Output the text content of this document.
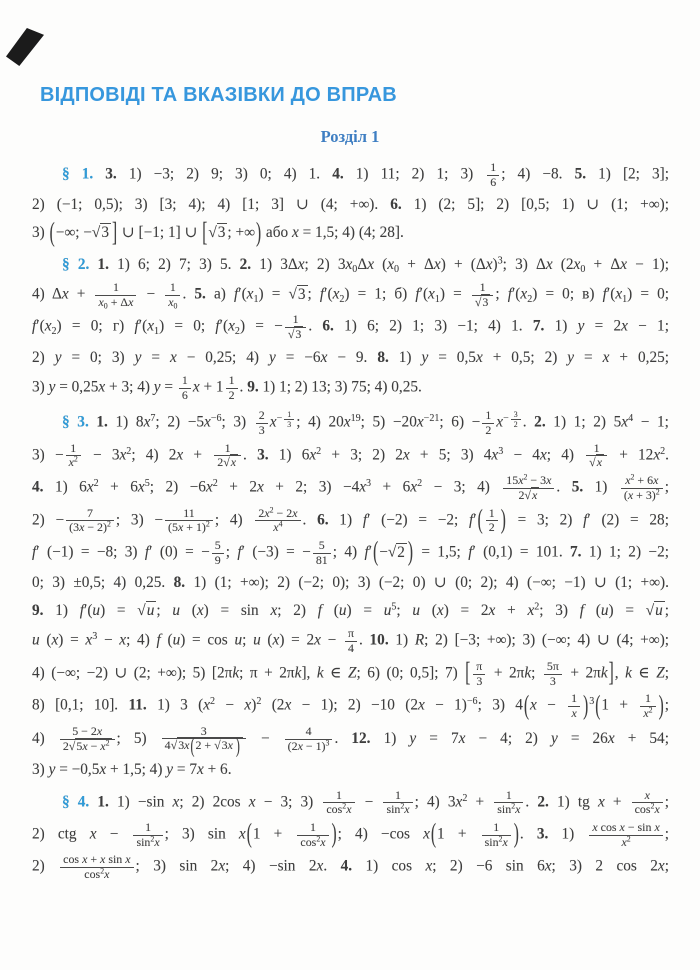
ВІДПОВІДІ ТА ВКАЗІВКИ ДО ВПРАВ
Розділ 1
§ 1. 3. 1) −3; 2) 9; 3) 0; 4) 1. 4. 1) 11; 2) 1; $3) \frac{1}{6}$ ; 4) −8. 5. 1) [2; 3];
2) (−1; 0,5); 3) [3; 4); 4) [1; 3] ∪ (4; +∞). 6. 1) (2; 5]; 2) [0,5; 1) ∪ (1; +∞);
3) (−∞; −√3 ] ∪ [−1; 1] ∪ [√3 ; +∞) або x = 1,5; 4) (4; 28].
§ 2. 1. 1) 6; 2) 7; 3) 5. 2. 1) 3Δx; 2) $3x_0\Delta x$ $(x_0 + \Delta x) + (\Delta x)^3$; 3) Δx $(2x_0 + \Delta x - 1)$;
4) $\Delta x + \frac{1}{x_0 + \Delta x} - \frac{1}{x_0}$ . 5. а) $f'(x_1) = √3$ ; $f'(x_2) = 1$; б) $f'(x_1) = \frac{1}{√3}$ ; $f'(x_2) = 0$; в) $f'(x_1) = 0$;
$f'(x_2) = 0$; г) $f'(x_1) = 0$; $f'(x_2)$ = − $\frac{1}{√3}$ . 6. 1) 6; 2) 1; 3) −1; 4) 1. 7. 1) y = 2x − 1;
2) y = 0; 3) y = x − 0,25; 4) y = −6x − 9. 8. 1) y = 0,5x + 0,5; 2) y = x + 0,25;
3) y = 0,25x + 3; 4) $y = \frac{1}{6}$ $x + 1 \frac{1}{2}$ . 9. 1) 1; 2) 13; 3) 75; 4) 0,25.
§ 3. 1. 1) $8x^7$; $2) -5x^{-6}$; $3) \frac{2}{3} x^{- \frac{1}{3}}$ ; 4) $20x^{19}$; $5) -20x^{-21}$; $6) - \frac{1}{2} x^{- \frac{3}{2}}$ . 2. 1) 1; 2) $5x^4 - 1$;
$3) - \frac{1}{x^2} - 3x^2$; 4) $2x + \frac{1}{2√x}$ . 3. 1) $6x^2 + 3$; 2) 2x + 5; 3) $4x^3 - 4x$; $4) \frac{1}{√x} + 12x^2$.
4. 1) $6x^2 + 6x^5$; $2) -6x^2 + 2x + 2$; $3) -4x^3 + 6x^2 - 3$; $4) \frac{15x^2 - 3x}{2√x}$ . 5. $1) \frac{x^2 + 6x}{(x + 3)^2}$ ;
$2) - \frac{7}{(3x - 2)^2}$ ; $3) - \frac{11}{(5x + 1)^2}$ ; $4) \frac{2x^2 - 2x}{x^4}$ . 6. 1) f′ (−2) = −2; $f'( \frac{1}{2}$ ) = 3; 2) f′ (2) = 28;
f′ (−1) = −8; 3) f′ (0) = − $\frac{5}{9}$ ; f′ (−3) = − $\frac{5}{81}$ ; 4) f′(−√2 ) = 1,5; f′ (0,1) = 101. 7. 1) 1; 2) −2;
0; 3) ±0,5; 4) 0,25. 8. 1) (1; +∞); 2) (−2; 0); 3) (−2; 0) ∪ (0; 2); 4) (−∞; −1) ∪ (1; +∞).
9. 1) f′(u) = √u ; u (x) = sin x; 2) f $(u) = u^5$; u $(x) = 2x + x^2$; 3) f (u) = √u ;
u $(x) = x^3 - x$; 4) f (u) = cos u; u $(x) = 2x - \frac{\pi}{4}$ . 10. 1) R; 2) [−3; +∞); 3) (−∞; 4) ∪ (4; +∞);
4) (−∞; −2) ∪ (2; +∞); 5) [2πk; π + 2πk], k ∈ Z; 6) (0; 0,5]; 7) [ $\frac{\pi}{3} + 2\pi k$; $\frac{5\pi}{3} + 2\pi k$], k ∈ Z;
8) [0,1; 10]. 11. 1) 3 $(x^2 - x)^2$ (2x − 1); 2) −10 $(2x - 1)^{-6}$; 3) $4(x - \frac{1}{x} )^3(1 + \frac{1}{x^2}$ );
$4) \frac{5 - 2x}{2√5x - x^2}$ ; $5) \frac{3}{4√3x(2 + √3x )} - \frac{4}{(2x - 1)^3}$ . 12. 1) y = 7x − 4; 2) y = 26x + 54;
3) y = −0,5x + 1,5; 4) y = 7x + 6.
§ 4. 1. 1) −sin x; 2) 2cos x − 3; $3) \frac{1}{\cos^2x} - \frac{1}{\sin^2x}$ ; 4) $3x^2 + \frac{1}{\sin^2x}$ . 2. 1) tg $x + \frac{x}{\cos^2x}$ ;
2) ctg $x - \frac{1}{\sin^2x}$ ; 3) $\sin x(1 + \frac{1}{\cos^2x}$ ); 4) −cos $x(1 + \frac{1}{\sin^2x}$ ). 3. $1) \frac{\text{x cos x − sin x}}{x^2}$ ;
$2) \frac{\text{cos x + x sin x}}{\cos^2x}$ ; 3) sin 2x; 4) −sin 2x. 4. 1) cos x; 2) −6 sin 6x; 3) 2 cos 2x;
